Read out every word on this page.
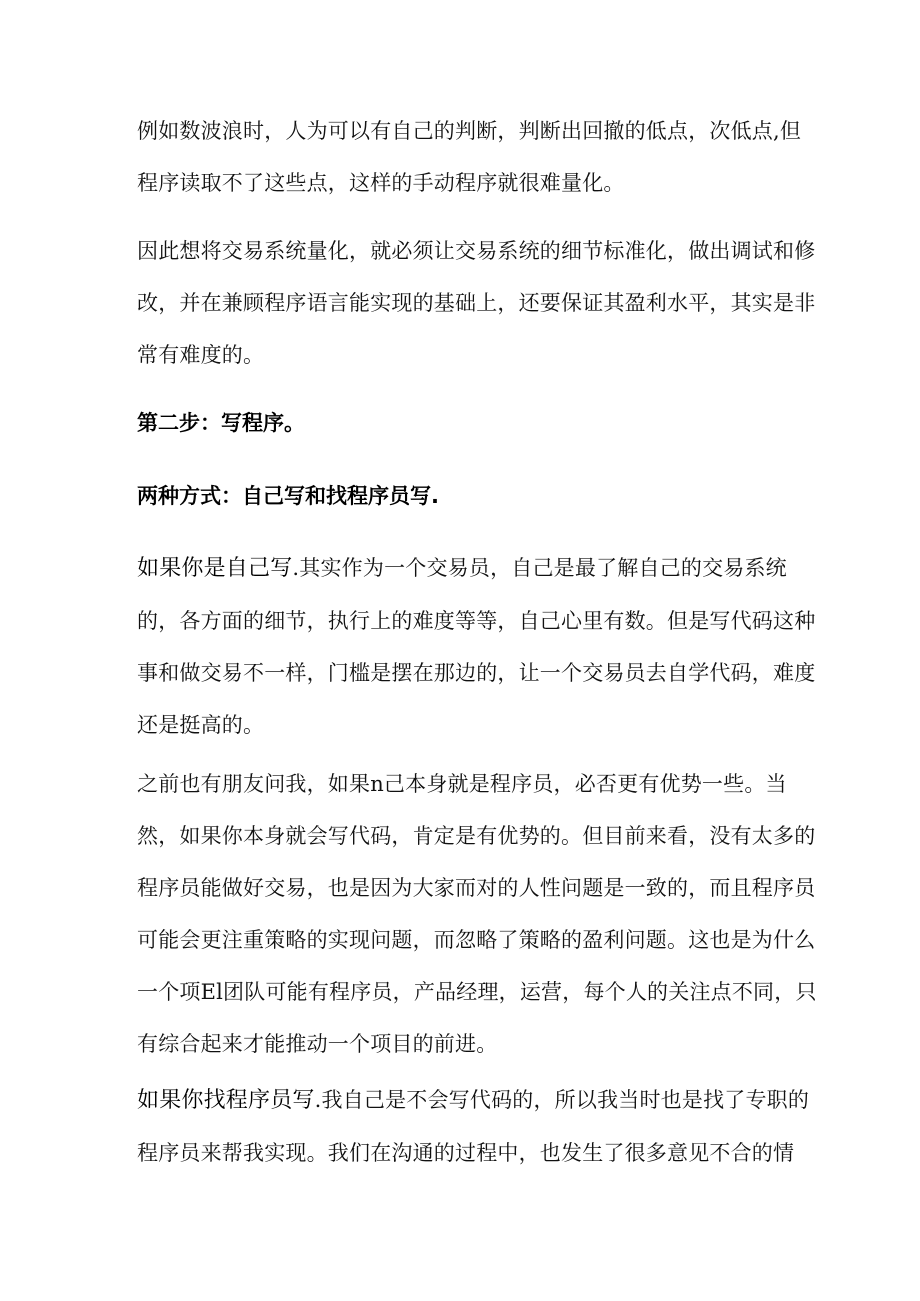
例如数波浪时，人为可以有自己的判断，判断出回撤的低点，次低点,但
程序读取不了这些点，这样的手动程序就很难量化。

因此想将交易系统量化，就必须让交易系统的细节标准化，做出调试和修
改，并在兼顾程序语言能实现的基础上，还要保证其盈利水平，其实是非
常有难度的。

第二步：写程序。
两种方式：自己写和找程序员写.

如果你是自己写.其实作为一个交易员，自己是最了解自己的交易系统
的，各方面的细节，执行上的难度等等，自己心里有数。但是写代码这种
事和做交易不一样，门槛是摆在那边的，让一个交易员去自学代码，难度
还是挺高的。

之前也有朋友问我，如果n己本身就是程序员，必否更有优势一些。当
然，如果你本身就会写代码，肯定是有优势的。但目前来看，没有太多的
程序员能做好交易，也是因为大家而对的人性问题是一致的，而且程序员
可能会更注重策略的实现问题，而忽略了策略的盈利问题。这也是为什么
一个项El团队可能有程序员，产品经理，运营，每个人的关注点不同，只
有综合起来才能推动一个项目的前进。

如果你找程序员写.我自己是不会写代码的，所以我当时也是找了专职的
程序员来帮我实现。我们在沟通的过程中，也发生了很多意见不合的情
